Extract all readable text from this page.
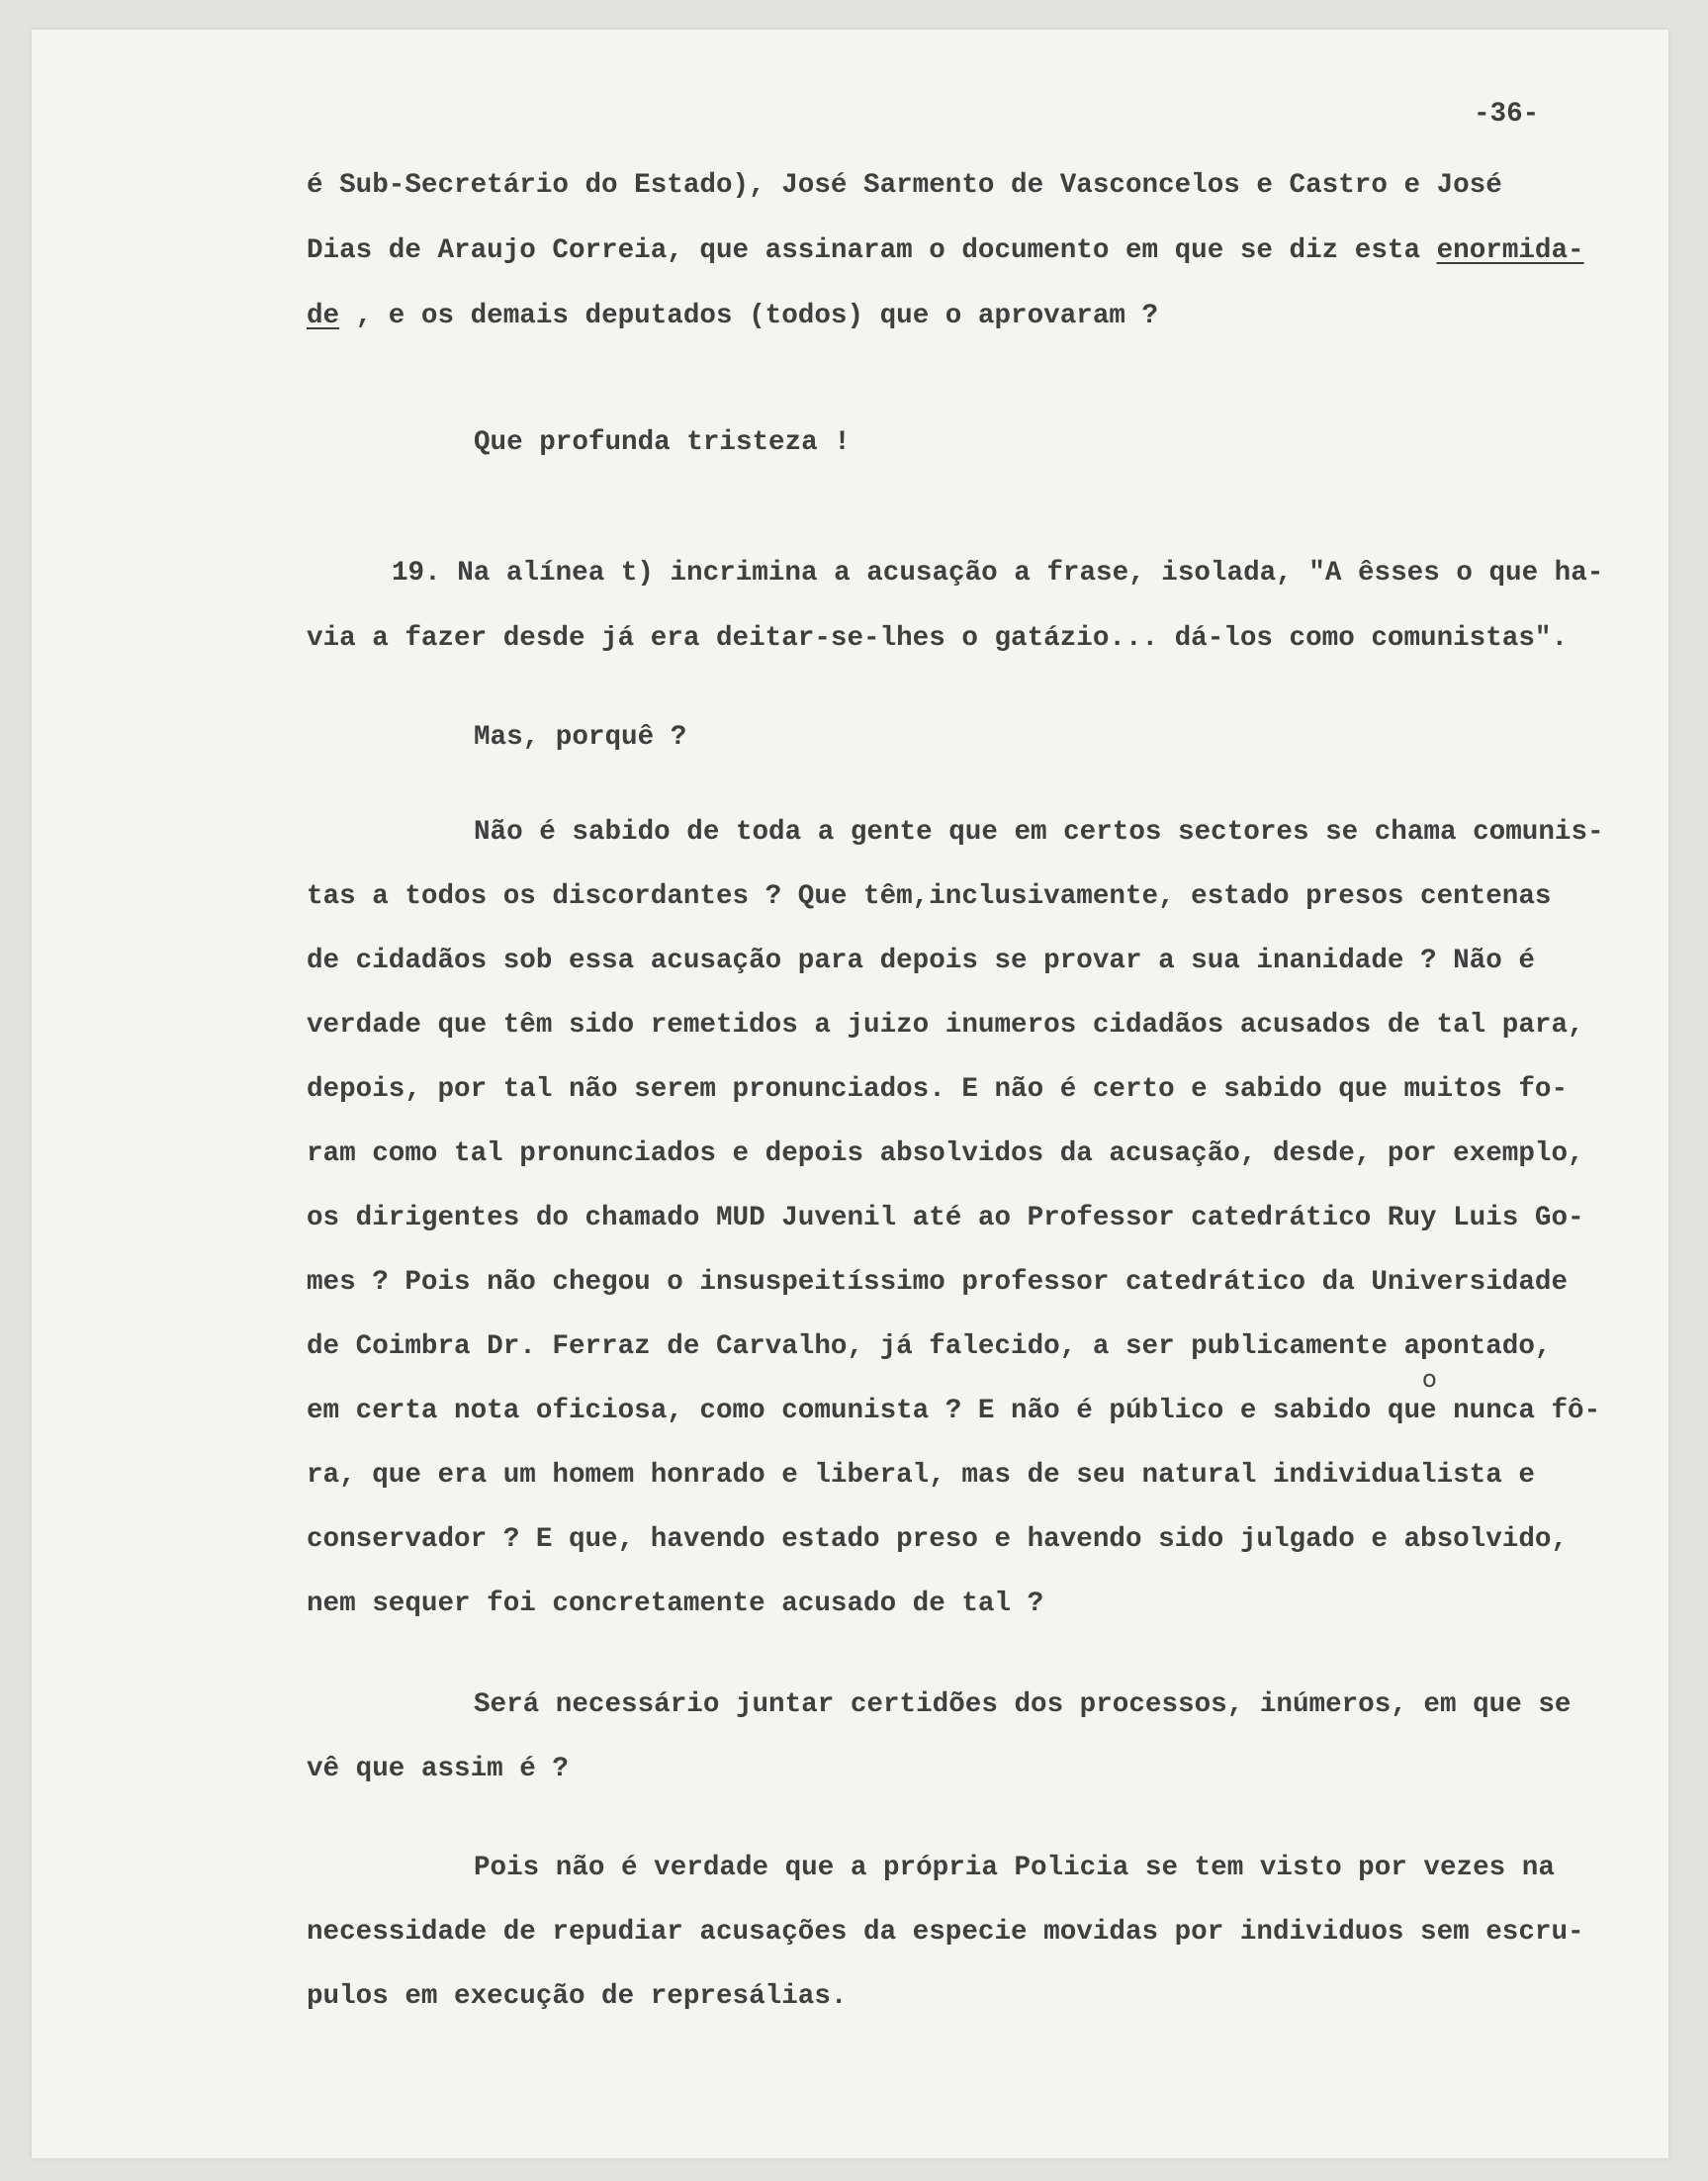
-36-
é Sub-Secretário do Estado), José Sarmento de Vasconcelos e Castro e José
Dias de Araujo Correia, que assinaram o documento em que se diz esta enormida-
de , e os demais deputados (todos) que o aprovaram ?
Que profunda tristeza !
19. Na alínea t) incrimina a acusação a frase, isolada, "A êsses o que ha-
via a fazer desde já era deitar-se-lhes o gatázio... dá-los como comunistas".
Mas, porquê ?
Não é sabido de toda a gente que em certos sectores se chama comunis-
tas a todos os discordantes ? Que têm,inclusivamente, estado presos centenas
de cidadãos sob essa acusação para depois se provar a sua inanidade ? Não é
verdade que têm sido remetidos a juizo inumeros cidadãos acusados de tal para,
depois, por tal não serem pronunciados. E não é certo e sabido que muitos fo-
ram como tal pronunciados e depois absolvidos da acusação, desde, por exemplo,
os dirigentes do chamado MUD Juvenil até ao Professor catedrático Ruy Luis Go-
mes ? Pois não chegou o insuspeitíssimo professor catedrático da Universidade
de Coimbra Dr. Ferraz de Carvalho, já falecido, a ser publicamente apontado,
o
em certa nota oficiosa, como comunista ? E não é público e sabido que nunca fô-
ra, que era um homem honrado e liberal, mas de seu natural individualista e
conservador ? E que, havendo estado preso e havendo sido julgado e absolvido,
nem sequer foi concretamente acusado de tal ?
Será necessário juntar certidões dos processos, inúmeros, em que se
vê que assim é ?
Pois não é verdade que a própria Policia se tem visto por vezes na
necessidade de repudiar acusações da especie movidas por individuos sem escru-
pulos em execução de represálias.
